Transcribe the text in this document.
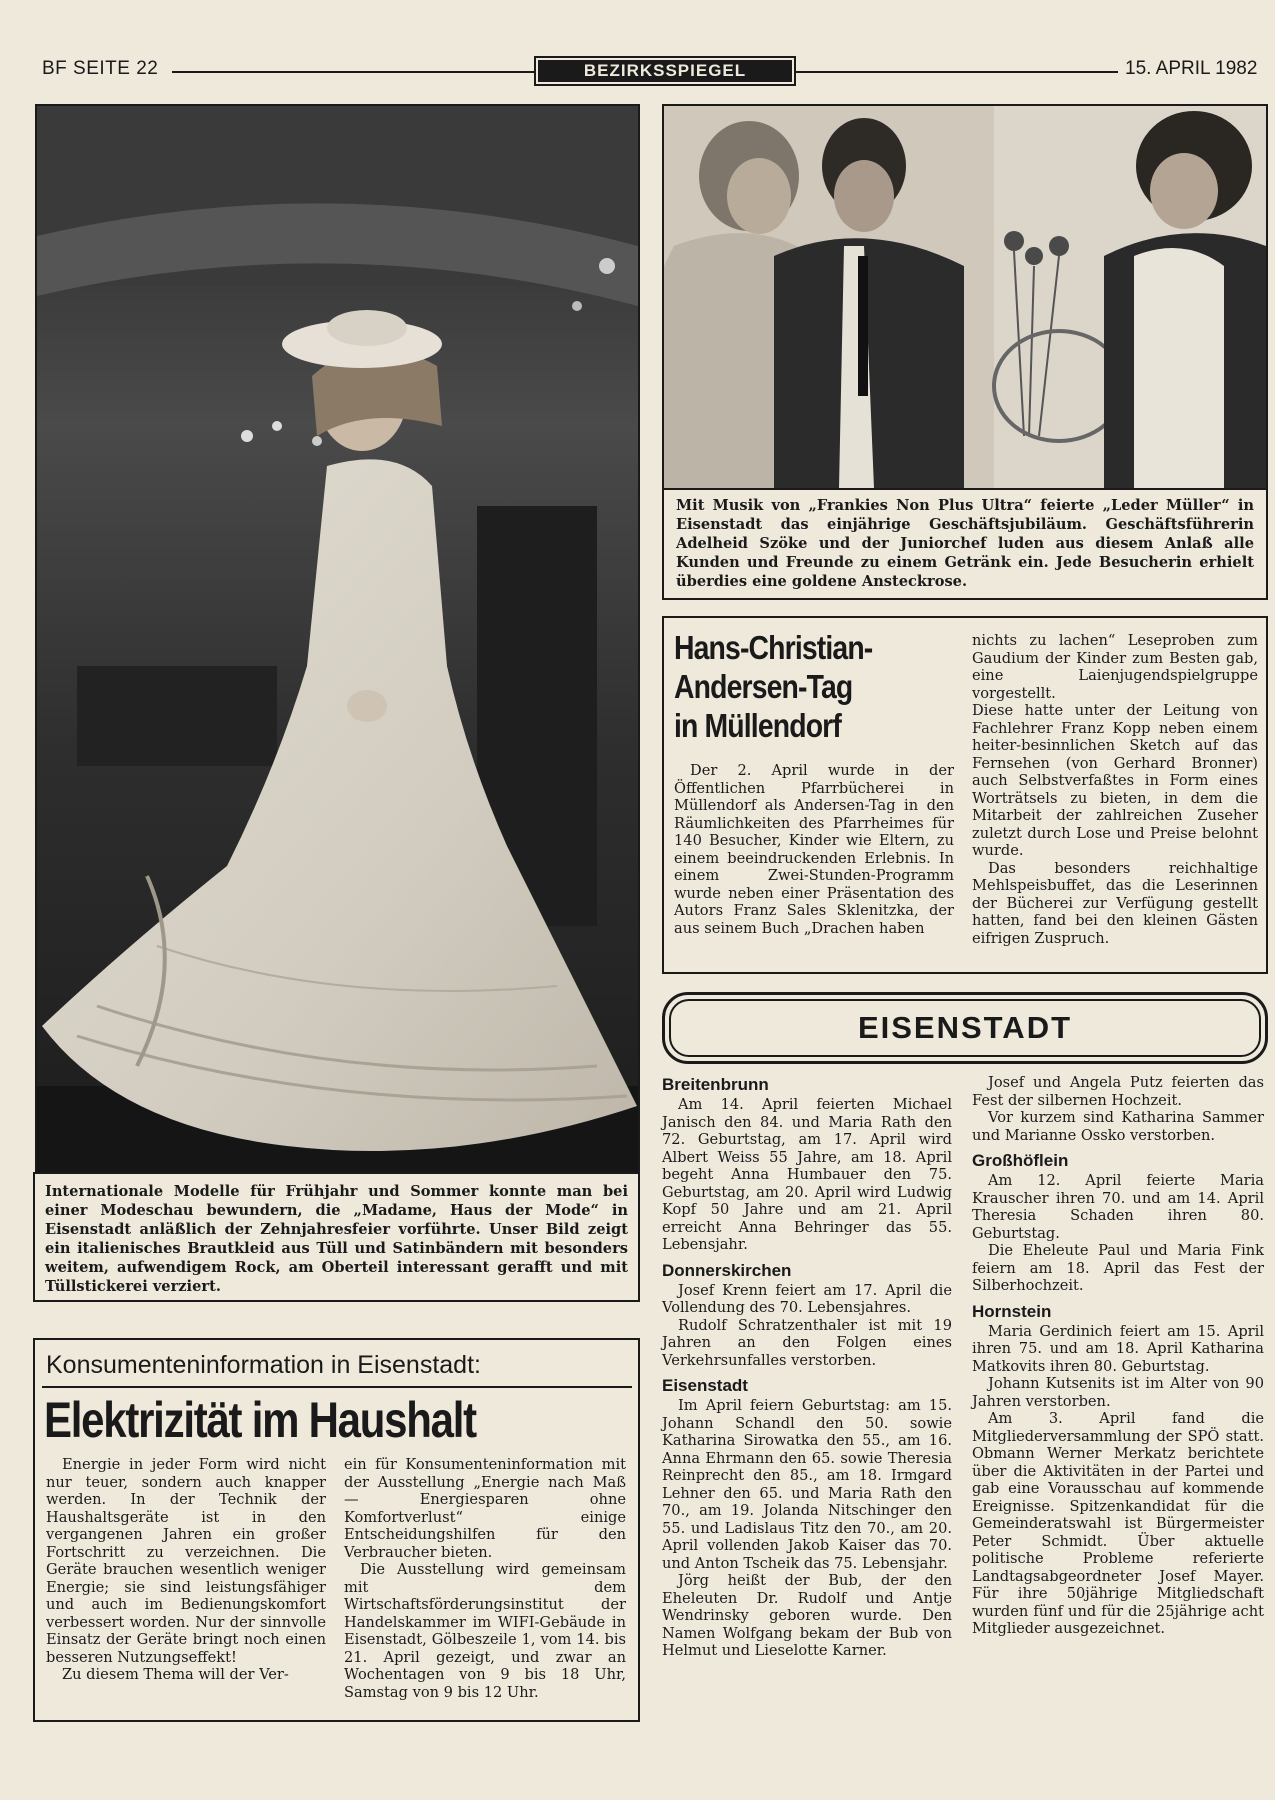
BF SEITE 22	BEZIRKSSPIEGEL	15. APRIL 1982
Internationale Modelle für Frühjahr und Sommer konnte man bei einer Modeschau bewundern, die „Madame, Haus der Mode“ in Eisenstadt anläßlich der Zehnjahresfeier vorführte. Unser Bild zeigt ein italienisches Brautkleid aus Tüll und Satinbändern mit besonders weitem, aufwendigem Rock, am Oberteil interessant gerafft und mit Tüllstickerei verziert.
Mit Musik von „Frankies Non Plus Ultra“ feierte „Leder Müller“ in Eisenstadt das einjährige Geschäftsjubiläum. Geschäftsführerin Adelheid Szöke und der Juniorchef luden aus diesem Anlaß alle Kunden und Freunde zu einem Getränk ein. Jede Besucherin erhielt überdies eine goldene Ansteckrose.
Hans-Christian-
Andersen-Tag
in Müllendorf

Der 2. April wurde in der Öffentlichen Pfarrbücherei in Müllendorf als Andersen-Tag in den Räumlichkeiten des Pfarrheimes für 140 Besucher, Kinder wie Eltern, zu einem beeindruckenden Erlebnis. In einem Zwei-Stunden-Programm wurde neben einer Präsentation des Autors Franz Sales Sklenitzka, der aus seinem Buch „Drachen haben

nichts zu lachen“ Leseproben zum Gaudium der Kinder zum Besten gab, eine Laienjugendspielgruppe vorgestellt.

Diese hatte unter der Leitung von Fachlehrer Franz Kopp neben einem heiter-besinnlichen Sketch auf das Fernsehen (von Gerhard Bronner) auch Selbstverfaßtes in Form eines Worträtsels zu bieten, in dem die Mitarbeit der zahlreichen Zuseher zuletzt durch Lose und Preise belohnt wurde.

Das besonders reichhaltige Mehlspeisbuffet, das die Leserinnen der Bücherei zur Verfügung gestellt hatten, fand bei den kleinen Gästen eifrigen Zuspruch.

EISENSTADT
Breitenbrunn

Am 14. April feierten Michael Janisch den 84. und Maria Rath den 72. Geburtstag, am 17. April wird Albert Weiss 55 Jahre, am 18. April begeht Anna Humbauer den 75. Geburtstag, am 20. April wird Ludwig Kopf 50 Jahre und am 21. April erreicht Anna Behringer das 55. Lebensjahr.

Donnerskirchen

Josef Krenn feiert am 17. April die Vollendung des 70. Lebensjahres.

Rudolf Schratzenthaler ist mit 19 Jahren an den Folgen eines Verkehrsunfalles verstorben.

Eisenstadt

Im April feiern Geburtstag: am 15. Johann Schandl den 50. sowie Katharina Sirowatka den 55., am 16. Anna Ehrmann den 65. sowie Theresia Reinprecht den 85., am 18. Irmgard Lehner den 65. und Maria Rath den 70., am 19. Jolanda Nitschinger den 55. und Ladislaus Titz den 70., am 20. April vollenden Jakob Kaiser das 70. und Anton Tscheik das 75. Lebensjahr.

Jörg heißt der Bub, der den Eheleuten Dr. Rudolf und Antje Wendrinsky geboren wurde. Den Namen Wolfgang bekam der Bub von Helmut und Lieselotte Karner.

Josef und Angela Putz feierten das Fest der silbernen Hochzeit.

Vor kurzem sind Katharina Sammer und Marianne Ossko verstorben.

Großhöflein

Am 12. April feierte Maria Krauscher ihren 70. und am 14. April Theresia Schaden ihren 80. Geburtstag.

Die Eheleute Paul und Maria Fink feiern am 18. April das Fest der Silberhochzeit.

Hornstein

Maria Gerdinich feiert am 15. April ihren 75. und am 18. April Katharina Matkovits ihren 80. Geburtstag.

Johann Kutsenits ist im Alter von 90 Jahren verstorben.

Am 3. April fand die Mitgliederversammlung der SPÖ statt. Obmann Werner Merkatz berichtete über die Aktivitäten in der Partei und gab eine Vorausschau auf kommende Ereignisse. Spitzenkandidat für die Gemeinderatswahl ist Bürgermeister Peter Schmidt. Über aktuelle politische Probleme referierte Landtagsabgeordneter Josef Mayer. Für ihre 50jährige Mitgliedschaft wurden fünf und für die 25jährige acht Mitglieder ausgezeichnet.

Konsumenteninformation in Eisenstadt:
Elektrizität im Haushalt

Energie in jeder Form wird nicht nur teuer, sondern auch knapper werden. In der Technik der Haushaltsgeräte ist in den vergangenen Jahren ein großer Fortschritt zu verzeichnen. Die Geräte brauchen wesentlich weniger Energie; sie sind leistungsfähiger und auch im Bedienungskomfort verbessert worden. Nur der sinnvolle Einsatz der Geräte bringt noch einen besseren Nutzungseffekt!

Zu diesem Thema will der Ver-

ein für Konsumenteninformation mit der Ausstellung „Energie nach Maß — Energiesparen ohne Komfortverlust“ einige Entscheidungshilfen für den Verbraucher bieten.

Die Ausstellung wird gemeinsam mit dem Wirtschaftsförderungsinstitut der Handelskammer im WIFI-Gebäude in Eisenstadt, Gölbeszeile 1, vom 14. bis 21. April gezeigt, und zwar an Wochentagen von 9 bis 18 Uhr, Samstag von 9 bis 12 Uhr.
